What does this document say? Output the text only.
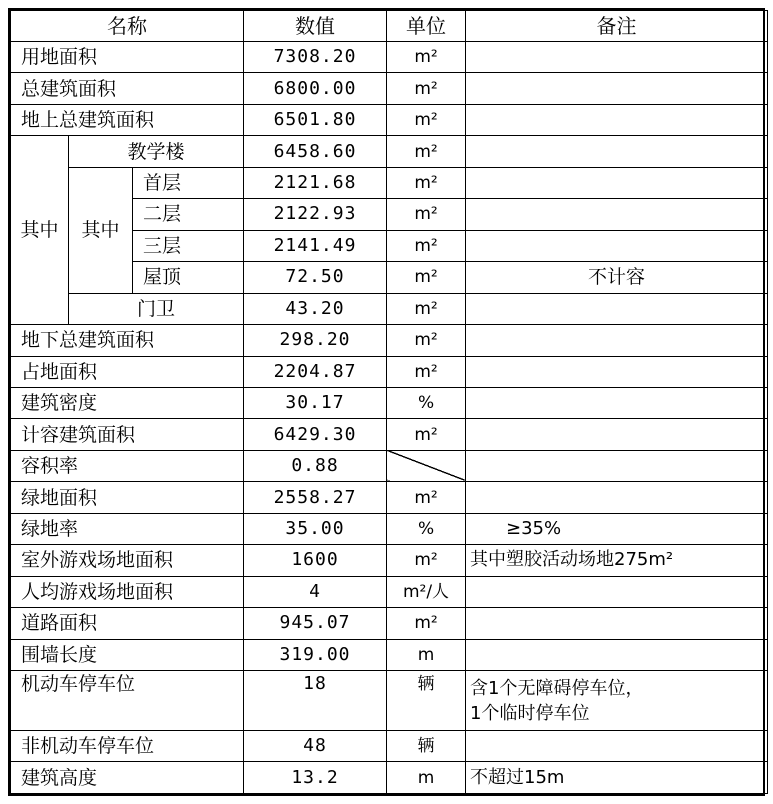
名称			数值	单位	备注
用地面积			7308.20	m²	
总建筑面积			6800.00	m²	
地上总建筑面积			6501.80	m²	
其中	教学楼		6458.60	m²	
	其中	首层	2121.68	m²	
		二层	2122.93	m²	
		三层	2141.49	m²	
		屋顶	72.50	m²	不计容
	门卫		43.20	m²	
地下总建筑面积			298.20	m²	
占地面积			2204.87	m²	
建筑密度			30.17	%	
计容建筑面积			6429.30	m²	
容积率			0.88		
绿地面积			2558.27	m²	
绿地率			35.00	%	≥35%
室外游戏场地面积			1600	m²	其中塑胶活动场地275m²
人均游戏场地面积			4	m²/人	
道路面积			945.07	m²	
围墙长度			319.00	m	
机动车停车位			18	辆	含1个无障碍停车位，
1个临时停车位

非机动车停车位			48	辆	
建筑高度			13.2	m	不超过15m
